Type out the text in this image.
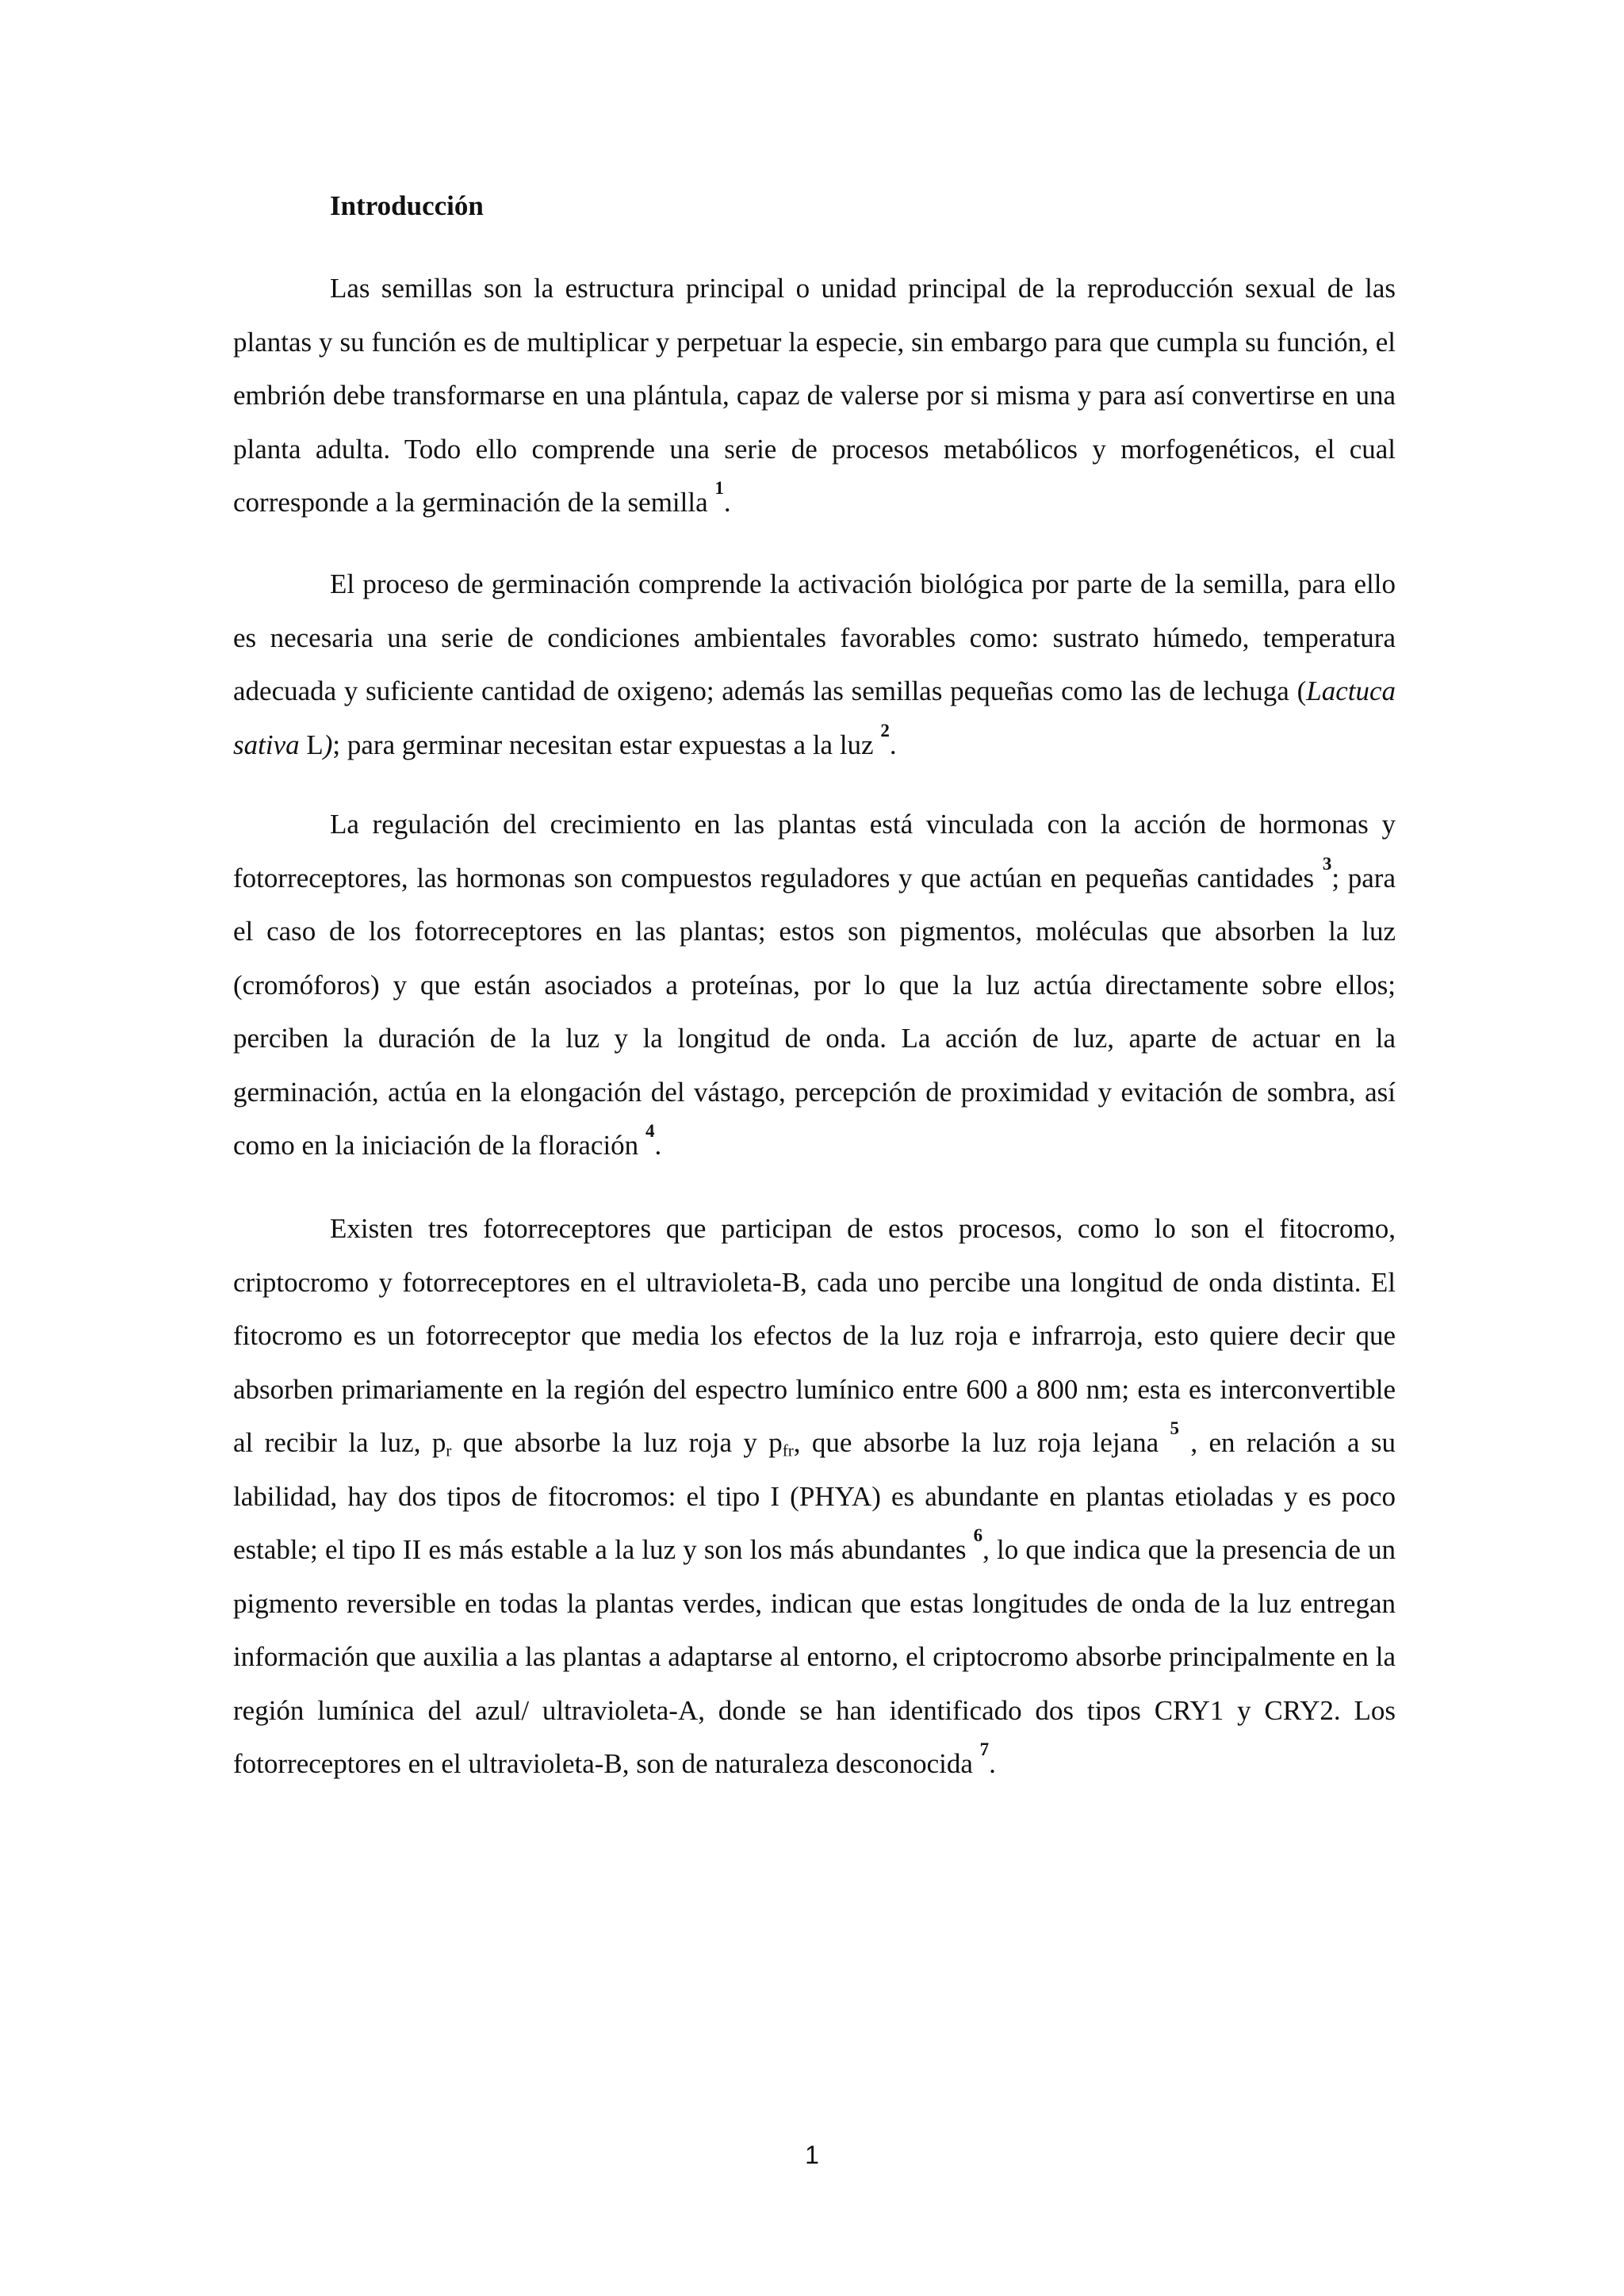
Introducción

Las semillas son la estructura principal o unidad principal de la reproducción sexual de las plantas y su función es de multiplicar y perpetuar la especie, sin embargo para que cumpla su función, el embrión debe transformarse en una plántula, capaz de valerse por si misma y para así convertirse en una planta adulta. Todo ello comprende una serie de procesos metabólicos y morfogenéticos, el cual corresponde a la germinación de la semilla $^1$.

El proceso de germinación comprende la activación biológica por parte de la semilla, para ello es necesaria una serie de condiciones ambientales favorables como: sustrato húmedo, temperatura adecuada y suficiente cantidad de oxigeno; además las semillas pequeñas como las de lechuga (Lactuca sativa L); para germinar necesitan estar expuestas a la luz $^2$.

La regulación del crecimiento en las plantas está vinculada con la acción de hormonas y fotorreceptores, las hormonas son compuestos reguladores y que actúan en pequeñas cantidades $^3$; para el caso de los fotorreceptores en las plantas; estos son pigmentos, moléculas que absorben la luz (cromóforos) y que están asociados a proteínas, por lo que la luz actúa directamente sobre ellos; perciben la duración de la luz y la longitud de onda. La acción de luz, aparte de actuar en la germinación, actúa en la elongación del vástago, percepción de proximidad y evitación de sombra, así como en la iniciación de la floración $^4$.

Existen tres fotorreceptores que participan de estos procesos, como lo son el fitocromo, criptocromo y fotorreceptores en el ultravioleta-B, cada uno percibe una longitud de onda distinta. El fitocromo es un fotorreceptor que media los efectos de la luz roja e infrarroja, esto quiere decir que absorben primariamente en la región del espectro lumínico entre 600 a 800 nm; esta es interconvertible al recibir la luz, $p_r$ que absorbe la luz roja y $p_{fr}$, que absorbe la luz roja lejana $^5$ , en relación a su labilidad, hay dos tipos de fitocromos: el tipo I (PHYA) es abundante en plantas etioladas y es poco estable; el tipo II es más estable a la luz y son los más abundantes $^6$, lo que indica que la presencia de un pigmento reversible en todas la plantas verdes, indican que estas longitudes de onda de la luz entregan información que auxilia a las plantas a adaptarse al entorno, el criptocromo absorbe principalmente en la región lumínica del azul/ ultravioleta-A, donde se han identificado dos tipos CRY1 y CRY2. Los fotorreceptores en el ultravioleta-B, son de naturaleza desconocida $^7$.

1
